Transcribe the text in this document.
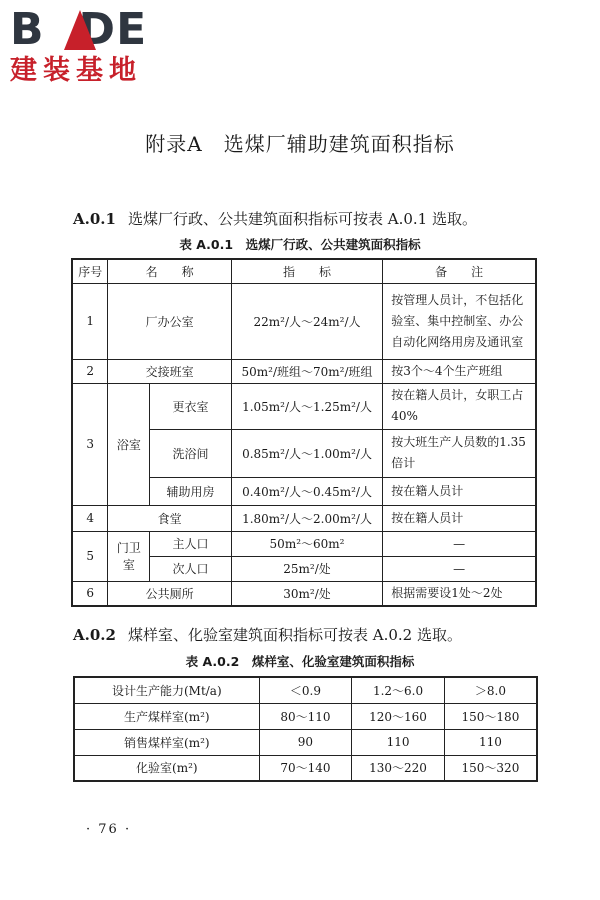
B DE
建装基地
附录A　选煤厂辅助建筑面积指标
A.0.1 选煤厂行政、公共建筑面积指标可按表 A.0.1 选取。
表 A.0.1　选煤厂行政、公共建筑面积指标
序号	名　　称		指　　标	备　　注
1	厂办公室		22m²/人～24m²/人	按管理人员计，不包括化验室、集中控制室、办公自动化网络用房及通讯室
2	交接班室		50m²/班组～70m²/班组	按3个～4个生产班组
3	浴室	更衣室	1.05m²/人～1.25m²/人	按在籍人员计，女职工占40%
		洗浴间	0.85m²/人～1.00m²/人	按大班生产人员数的1.35倍计
		辅助用房	0.40m²/人～0.45m²/人	按在籍人员计
4	食堂		1.80m²/人～2.00m²/人	按在籍人员计
5	门卫室	主人口	50m²～60m²	—
		次人口	25m²/处	—
6	公共厕所		30m²/处	根据需要设1处～2处
A.0.2 煤样室、化验室建筑面积指标可按表 A.0.2 选取。
表 A.0.2　煤样室、化验室建筑面积指标
设计生产能力(Mt/a)	＜0.9	1.2～6.0	＞8.0
生产煤样室(m²)	80～110	120～160	150～180
销售煤样室(m²)	90	110	110
化验室(m²)	70～140	130～220	150～320
· 76 ·
